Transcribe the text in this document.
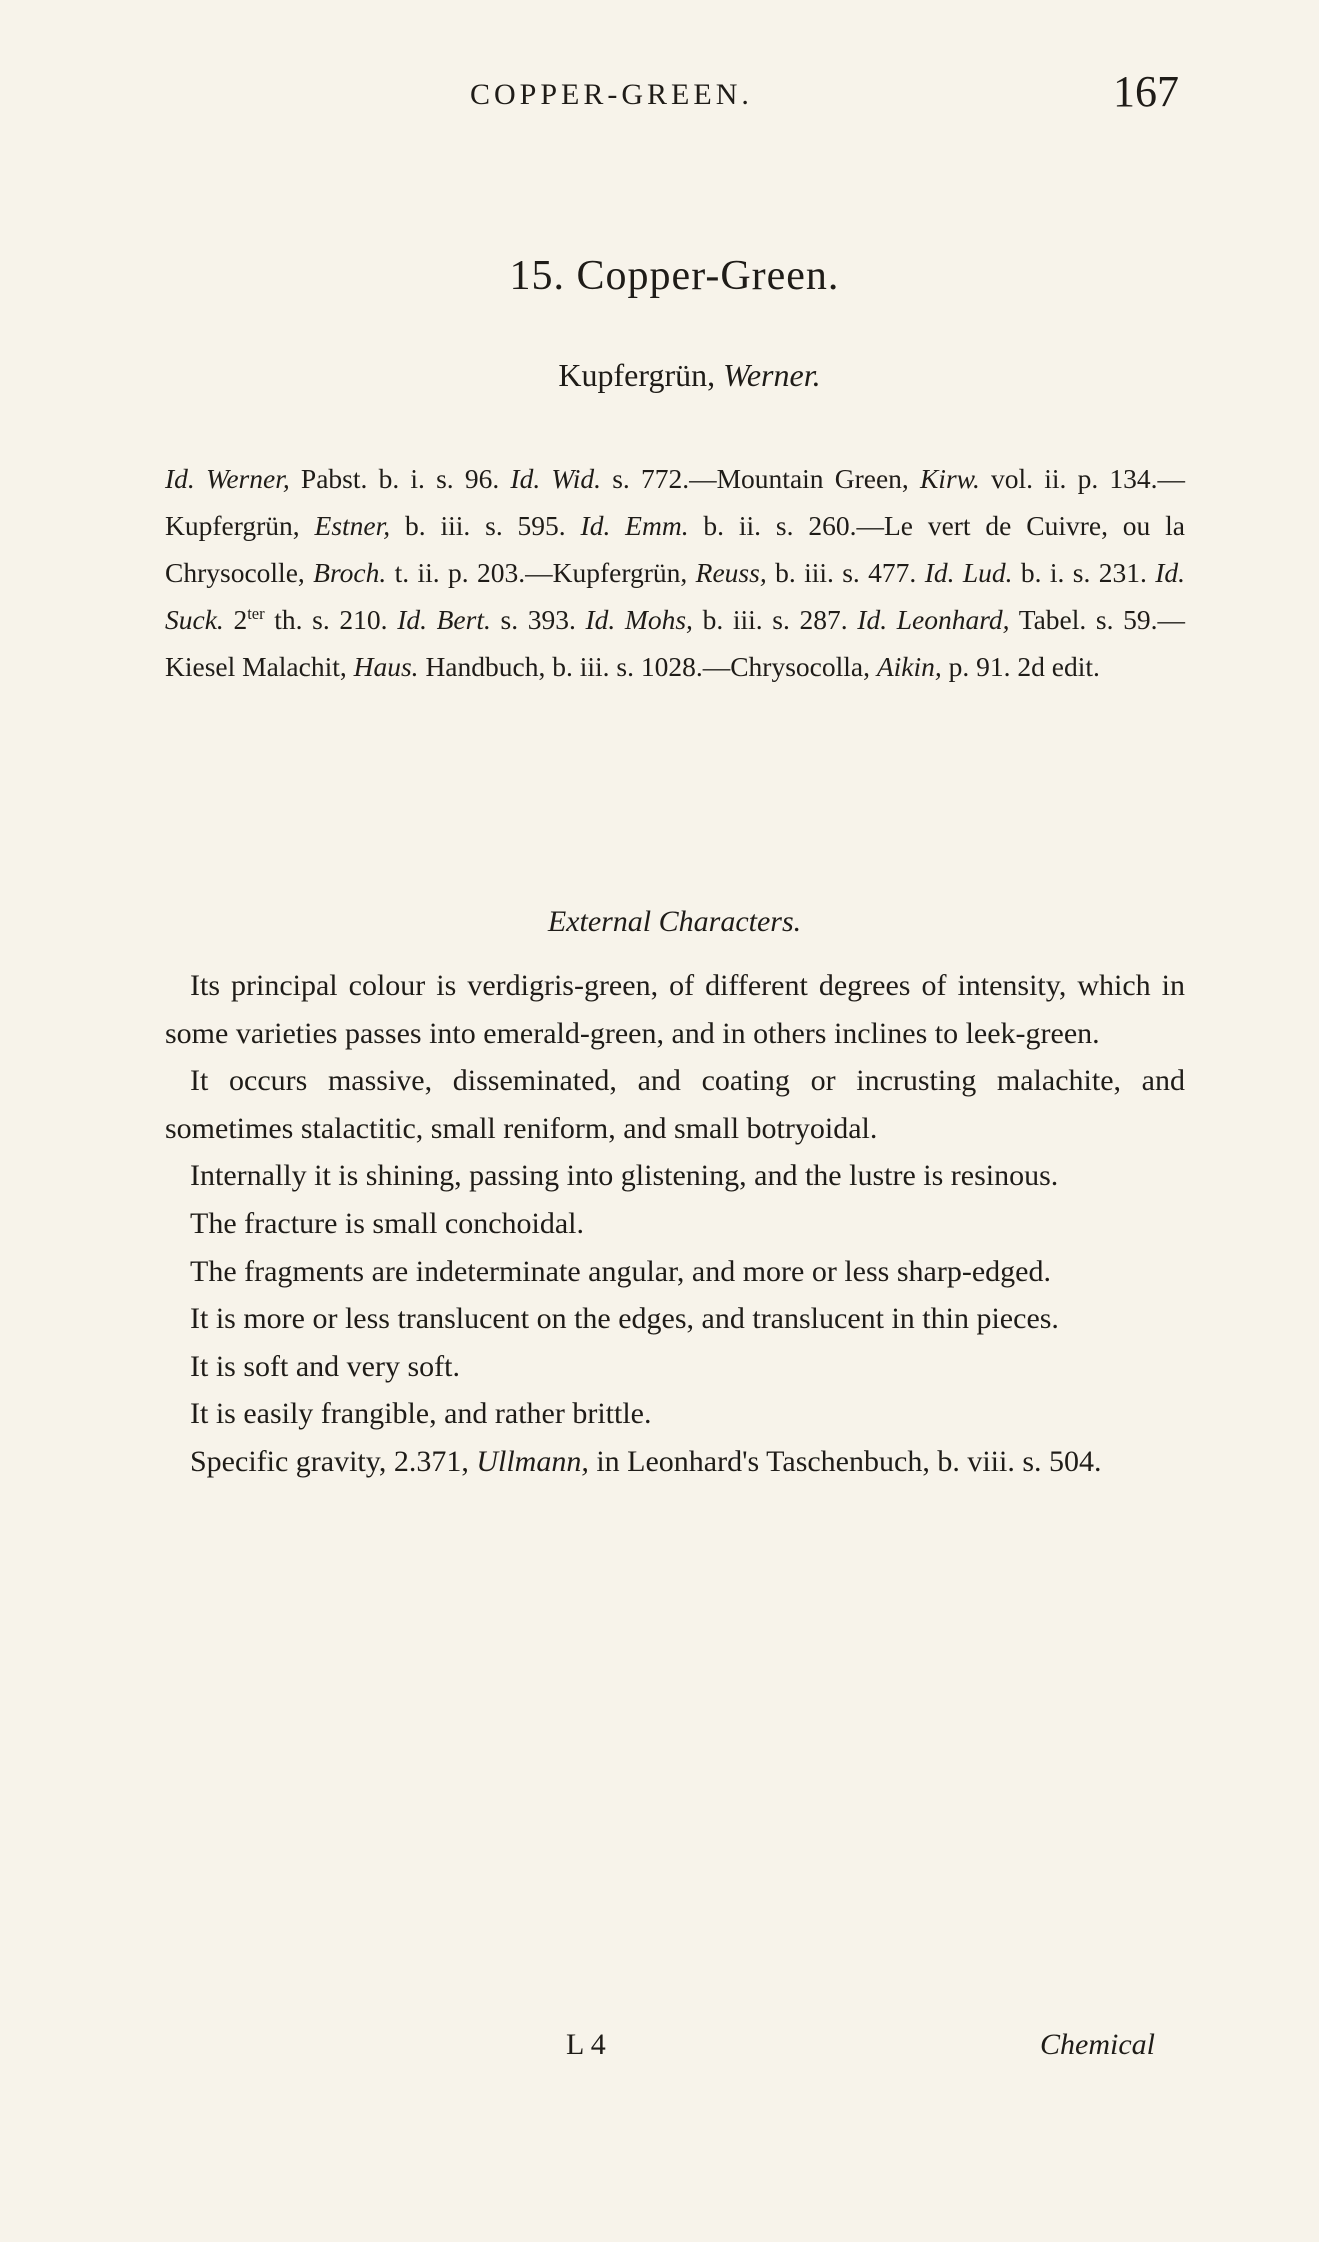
COPPER-GREEN.	167
15. Copper-Green.
Kupfergrün, Werner.
Id. Werner, Pabst. b. i. s. 96. Id. Wid. s. 772.—Mountain Green, Kirw. vol. ii. p. 134.—Kupfergrün, Estner, b. iii. s. 595. Id. Emm. b. ii. s. 260.—Le vert de Cuivre, ou la Chrysocolle, Broch. t. ii. p. 203.—Kupfergrün, Reuss, b. iii. s. 477. Id. Lud. b. i. s. 231. Id. Suck. $2^{ter}$ th. s. 210. Id. Bert. s. 393. Id. Mohs, b. iii. s. 287. Id. Leonhard, Tabel. s. 59.—Kiesel Malachit, Haus. Handbuch, b. iii. s. 1028.—Chrysocolla, Aikin, p. 91. 2d edit.
External Characters.

Its principal colour is verdigris-green, of different degrees of intensity, which in some varieties passes into emerald-green, and in others inclines to leek-green.

It occurs massive, disseminated, and coating or incrusting malachite, and sometimes stalactitic, small reniform, and small botryoidal.

Internally it is shining, passing into glistening, and the lustre is resinous.

The fracture is small conchoidal.

The fragments are indeterminate angular, and more or less sharp-edged.

It is more or less translucent on the edges, and translucent in thin pieces.

It is soft and very soft.

It is easily frangible, and rather brittle.

Specific gravity, 2.371, Ullmann, in Leonhard's Taschenbuch, b. viii. s. 504.

L 4	Chemical
